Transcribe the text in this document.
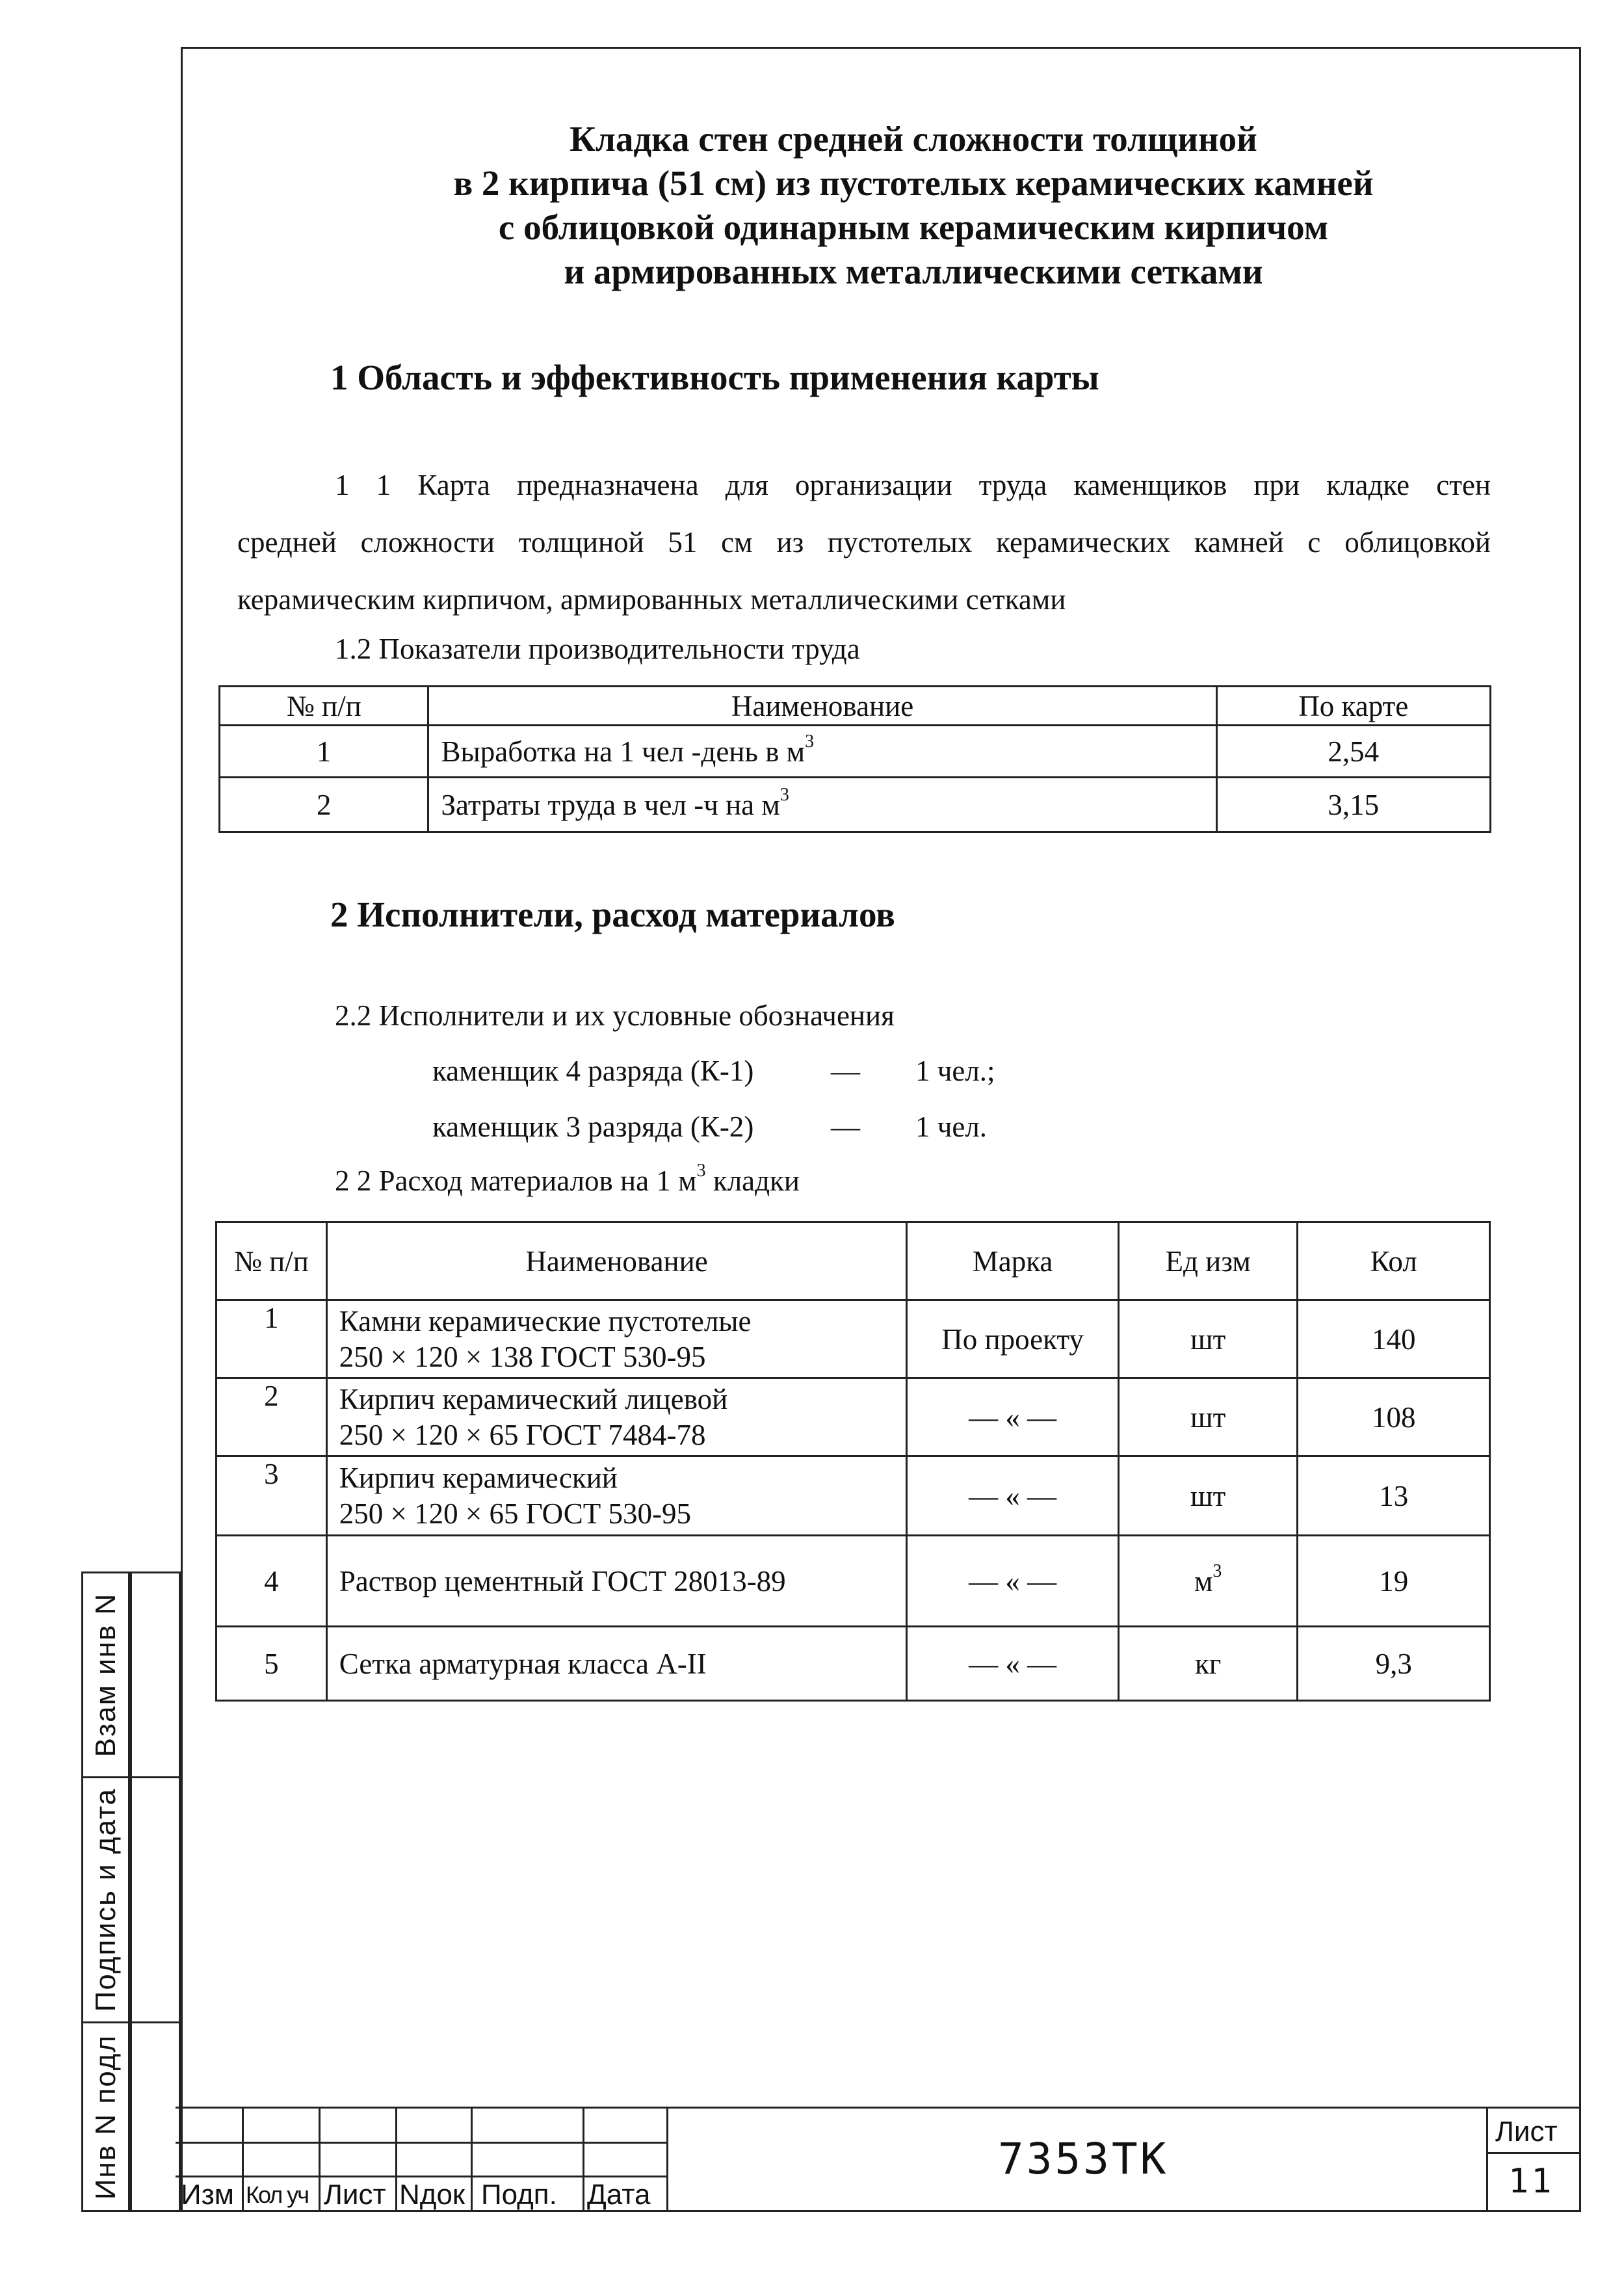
Кладка стен средней сложности толщиной
в 2 кирпича (51 см) из пустотелых керамических камней
с облицовкой одинарным керамическим кирпичом
и армированных металлическими сетками
1 Область и эффективность применения карты
1 1 Карта предназначена для организации труда каменщиков при кладке стен
средней сложности толщиной 51 см из пустотелых керамических камней с облицовкой
керамическим кирпичом, армированных металлическими сетками
1.2 Показатели производительности труда
№ п/п	Наименование	По карте
1	Выработка на 1 чел -день в $м^3$	2,54
2	Затраты труда в чел -ч на $м^3$	3,15
2 Исполнители, расход материалов
2.2 Исполнители и их условные обозначения
каменщик 4 разряда (К-1)	— 1 чел.;
каменщик 3 разряда (К-2)	— 1 чел.
2 2 Расход материалов на 1 $м^3$ кладки
№ п/п	Наименование	Марка	Ед изм	Кол
1	Камни керамические пустотелые
250 × 120 × 138 ГОСТ 530-95	По проекту	шт	140
2	Кирпич керамический лицевой
250 × 120 × 65 ГОСТ 7484-78	— « —	шт	108
3	Кирпич керамический
250 × 120 × 65 ГОСТ 530-95	— « —	шт	13
4	Раствор цементный ГОСТ 28013-89	— « —	$м^3$	19
5	Сетка арматурная класса А-II	— « —	кг	9,3
Взам инв N
Подпись и дата
Инв N подл Изм Кол уч Лист Nдок Подп. Дата
7353ТК
Лист
11
